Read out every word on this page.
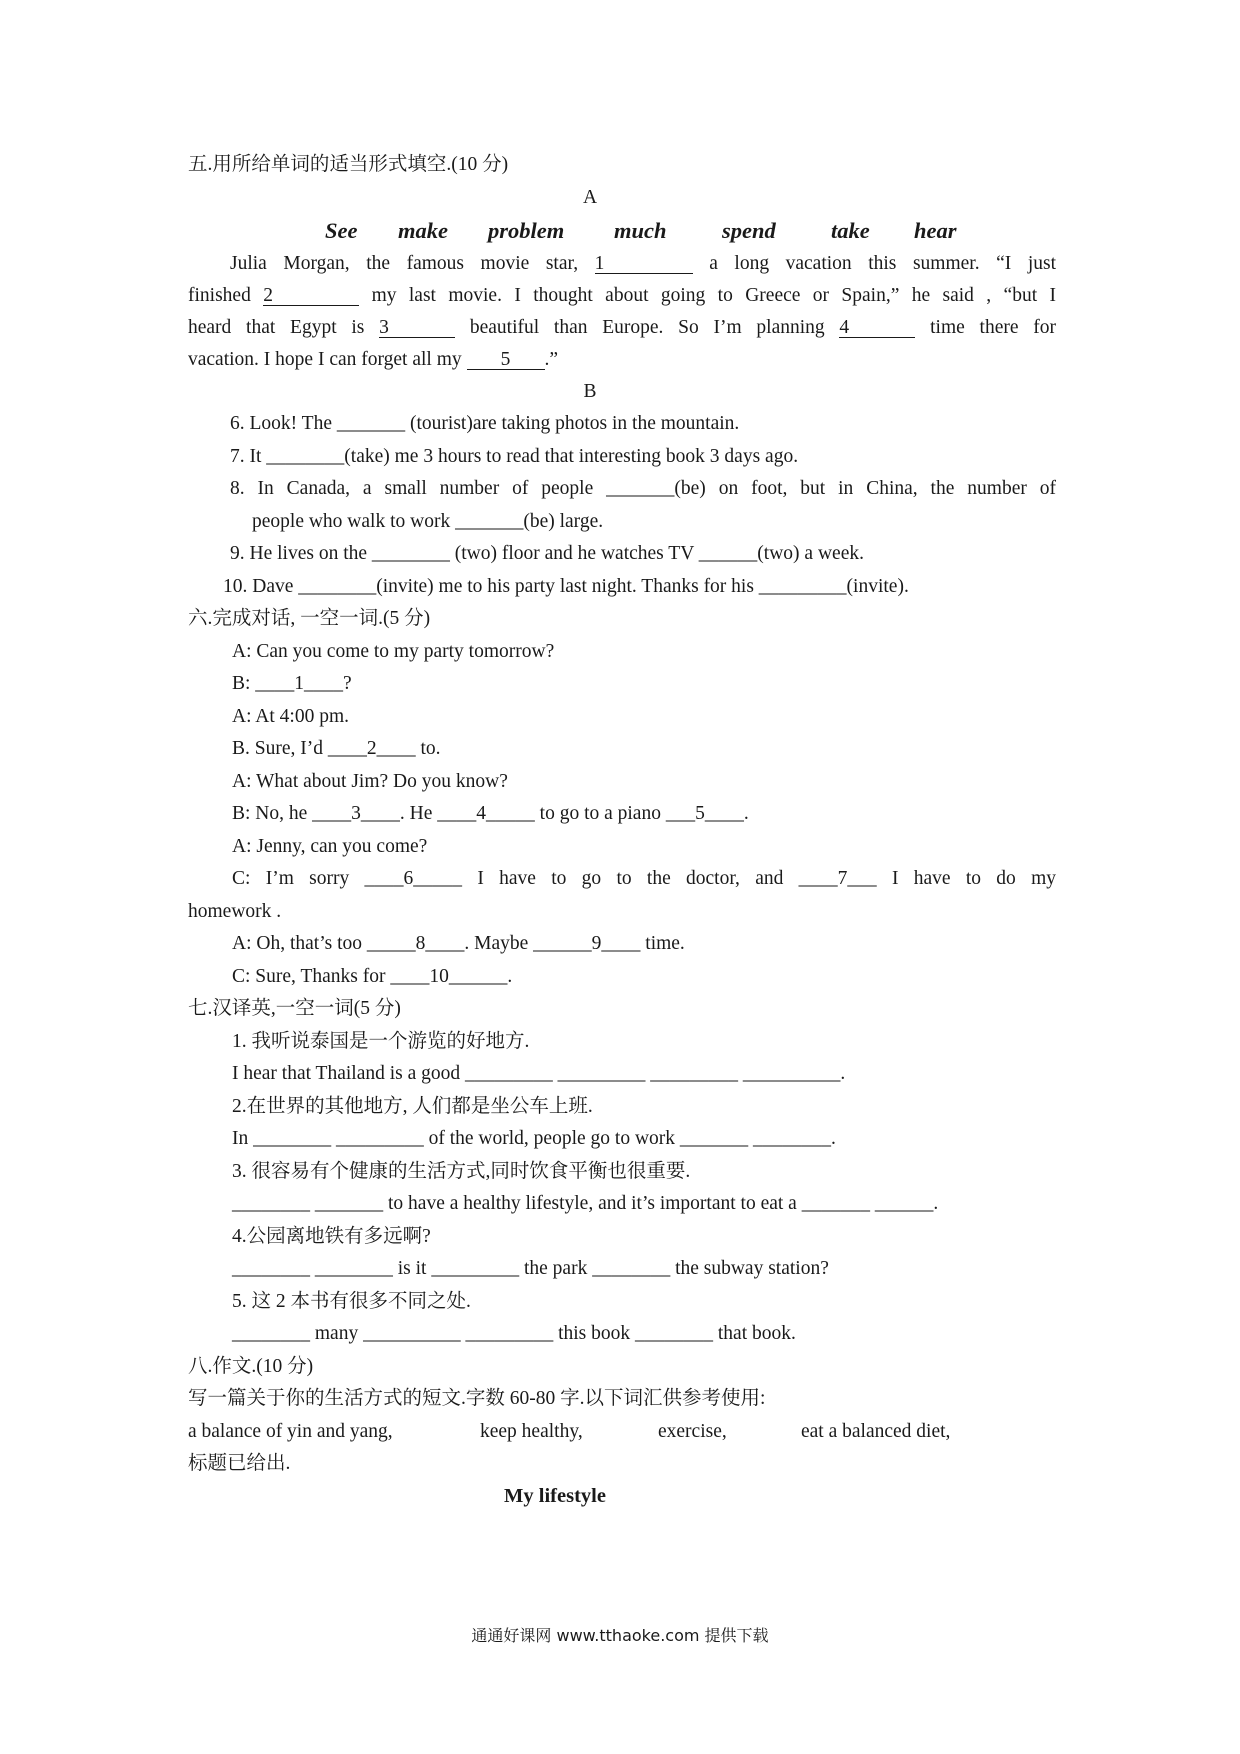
五.用所给单词的适当形式填空.(10 分)
A
See make problem much spend take hear
Julia Morgan, the famous movie star, 1	a long vacation this summer. “I just
finished 2	my last movie. I thought about going to Greece or Spain,” he said , “but I
heard that Egypt is 3	beautiful than Europe. So I’m planning 4	time there for
vacation. I hope I can forget all my 5 .”
B
6. Look! The _______ (tourist)are taking photos in the mountain.
7. It ________(take) me 3 hours to read that interesting book 3 days ago.
8. In Canada, a small number of people _______(be) on foot, but in China, the number of
people who walk to work _______(be) large.
9. He lives on the ________ (two) floor and he watches TV ______(two) a week.
10. Dave ________(invite) me to his party last night. Thanks for his _________(invite).
六.完成对话, 一空一词.(5 分)
A: Can you come to my party tomorrow?
B: ____1____?
A: At 4:00 pm.
B. Sure, I’d ____2____ to.
A: What about Jim? Do you know?
B: No, he ____3____. He ____4_____ to go to a piano ___5____.
A: Jenny, can you come?
C: I’m sorry ____6_____ I have to go to the doctor, and ____7___ I have to do my
homework .
A: Oh, that’s too _____8____. Maybe ______9____ time.
C: Sure, Thanks for ____10______.
七.汉译英,一空一词(5 分)
1. 我听说泰国是一个游览的好地方.
I hear that Thailand is a good _________ _________ _________ __________.
2.在世界的其他地方, 人们都是坐公车上班.
In ________ _________ of the world, people go to work _______ ________.
3. 很容易有个健康的生活方式,同时饮食平衡也很重要.
________ _______ to have a healthy lifestyle, and it’s important to eat a _______ ______.
4.公园离地铁有多远啊?
________ ________ is it _________ the park ________ the subway station?
5. 这 2 本书有很多不同之处.
________ many __________ _________ this book ________ that book.
八.作文.(10 分)
写一篇关于你的生活方式的短文.字数 60-80 字.以下词汇供参考使用:
a balance of yin and yang,	keep healthy,	exercise,	eat a balanced diet,
标题已给出.
My lifestyle
通通好课网 www.tthaoke.com 提供下载
